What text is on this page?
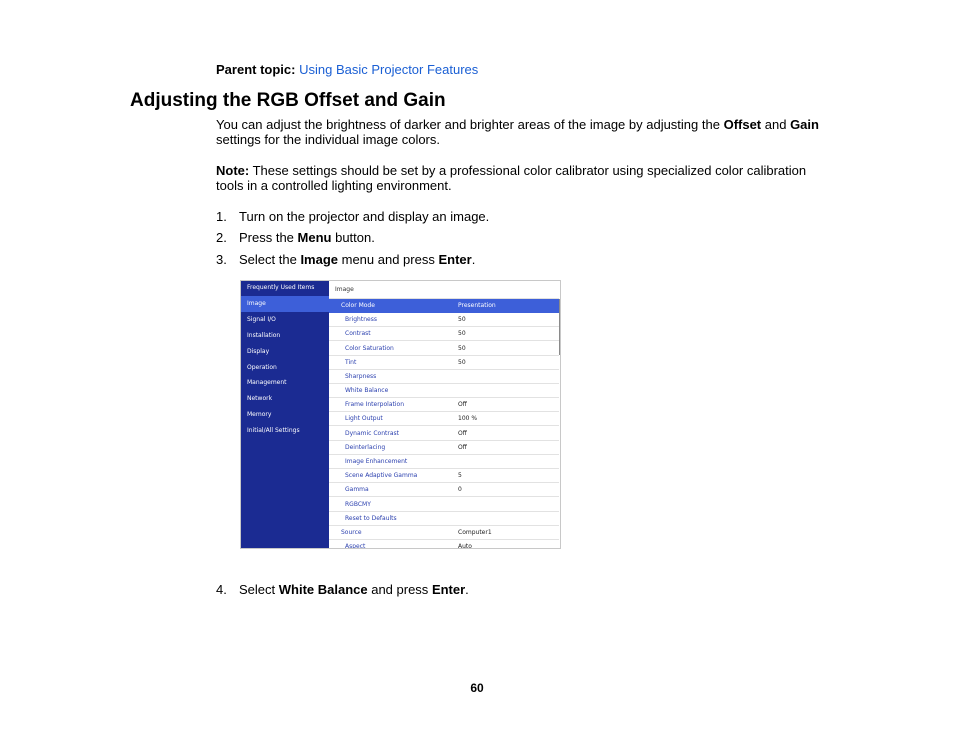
Parent topic: Using Basic Projector Features
Adjusting the RGB Offset and Gain
You can adjust the brightness of darker and brighter areas of the image by adjusting the Offset and Gain settings for the individual image colors.
Note: These settings should be set by a professional color calibrator using specialized color calibration tools in a controlled lighting environment.
1. Turn on the projector and display an image.
2. Press the Menu button.
3. Select the Image menu and press Enter.
Frequently Used Items
Image
Signal I/O
Installation
Display
Operation
Management
Network
Memory
Initial/All Settings
Image
Color Mode	Presentation
Brightness	50
Contrast	50
Color Saturation	50
Tint	50
Sharpness
White Balance
Frame Interpolation	Off
Light Output	100 %
Dynamic Contrast	Off
Deinterlacing	Off
Image Enhancement
Scene Adaptive Gamma	5
Gamma	0
RGBCMY
Reset to Defaults
Source	Computer1
Aspect	Auto
4. Select White Balance and press Enter.
60
